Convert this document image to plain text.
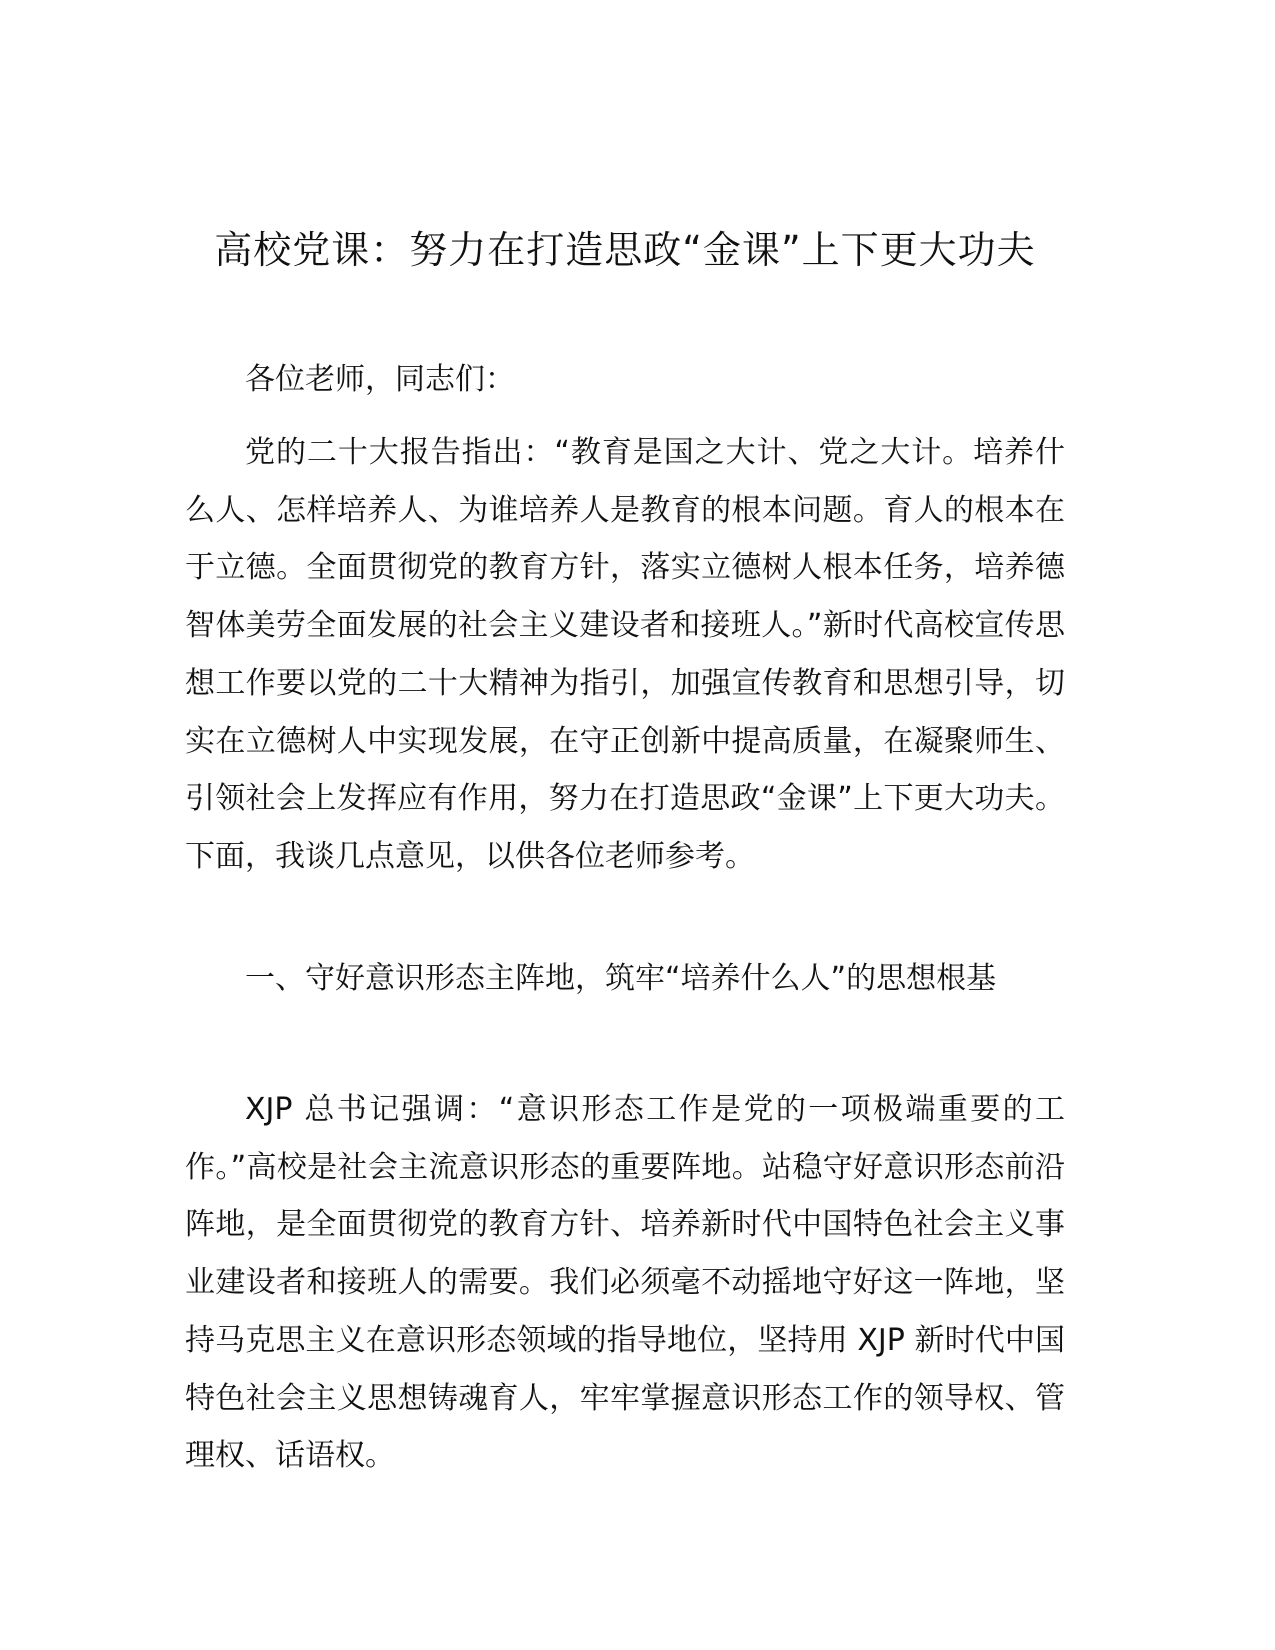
高校党课：努力在打造思政“金课”上下更大功夫

各位老师，同志们：

党的二十大报告指出：“教育是国之大计、党之大计。培养什么人、怎样培养人、为谁培养人是教育的根本问题。育人的根本在于立德。全面贯彻党的教育方针，落实立德树人根本任务，培养德智体美劳全面发展的社会主义建设者和接班人。”新时代高校宣传思想工作要以党的二十大精神为指引，加强宣传教育和思想引导，切实在立德树人中实现发展，在守正创新中提高质量，在凝聚师生、引领社会上发挥应有作用，努力在打造思政“金课”上下更大功夫。下面，我谈几点意见，以供各位老师参考。

一、守好意识形态主阵地，筑牢“培养什么人”的思想根基

XJP 总书记强调：“意识形态工作是党的一项极端重要的工作。”高校是社会主流意识形态的重要阵地。站稳守好意识形态前沿阵地，是全面贯彻党的教育方针、培养新时代中国特色社会主义事业建设者和接班人的需要。我们必须毫不动摇地守好这一阵地，坚持马克思主义在意识形态领域的指导地位，坚持用 XJP 新时代中国特色社会主义思想铸魂育人，牢牢掌握意识形态工作的领导权、管理权、话语权。
